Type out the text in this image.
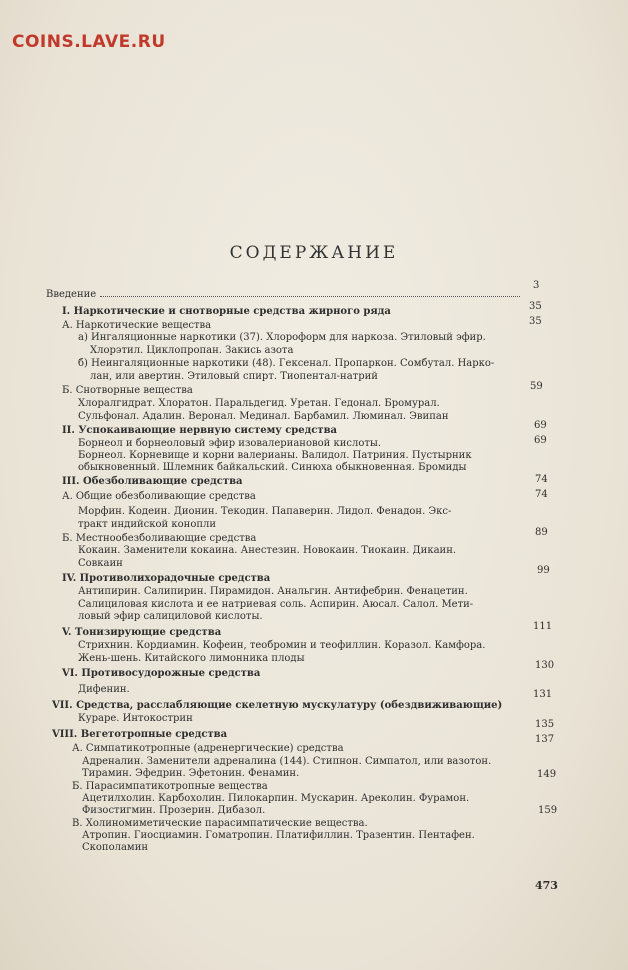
COINS.LAVE.RU
СОДЕРЖАНИЕ
Введение
I. Наркотические и снотворные средства жирного ряда
А. Наркотические вещества
а) Ингаляционные наркотики (37). Хлороформ для наркоза. Этиловый эфир.
Хлорэтил. Циклопропан. Закись азота
б) Неингаляционные наркотики (48). Гексенал. Пропаркон. Сомбутал. Нарко-
лан, или авертин. Этиловый спирт. Тиопентал-натрий
Б. Снотворные вещества
Хлоралгидрат. Хлоратон. Паральдегид. Уретан. Гедонал. Бромурал.
Сульфонал. Адалин. Веронал. Мединал. Барбамил. Люминал. Эвипан
II. Успокаивающие нервную систему средства
Борнеол и борнеоловый эфир изовалериановой кислоты.
Борнеол. Корневище и корни валерианы. Валидол. Патриния. Пустырник
обыкновенный. Шлемник байкальский. Синюха обыкновенная. Бромиды
III. Обезболивающие средства
А. Общие обезболивающие средства
Морфин. Кодеин. Дионин. Текодин. Папаверин. Лидол. Фенадон. Экс-
тракт индийской конопли
Б. Местнообезболивающие средства
Кокаин. Заменители кокаина. Анестезин. Новокаин. Тиокаин. Дикаин.
Совкаин
IV. Противолихорадочные средства
Антипирин. Салипирин. Пирамидон. Анальгин. Антифебрин. Фенацетин.
Салициловая кислота и ее натриевая соль. Аспирин. Аюсал. Салол. Мети-
ловый эфир салициловой кислоты.
V. Тонизирующие средства
Стрихнин. Кордиамин. Кофеин, теобромин и теофиллин. Коразол. Камфора.
Жень-шень. Китайского лимонника плоды
VI. Противосудорожные средства
Дифенин.
VII. Средства, расслабляющие скелетную мускулатуру (обездвиживающие)
Курарe. Интокострин
VIII. Вегетотропные средства
А. Симпатикотропные (адренергические) средства
Адреналин. Заменители адреналина (144). Стипнон. Симпатол, или вазотон.
Тирамин. Эфедрин. Эфетонин. Фенамин.
Б. Парасимпатикотропные вещества
Ацетилхолин. Карбохолин. Пилокарпин. Мускарин. Ареколин. Фурамон.
Физостигмин. Прозерин. Дибазол.
В. Холиномиметические парасимпатические вещества.
Атропин. Гиосциамин. Гоматропин. Платифиллин. Тразентин. Пентафен.
Скополамин
3
35
35
59
69
69
74
74
89
99
111
130
131
135
137
149
159
473
